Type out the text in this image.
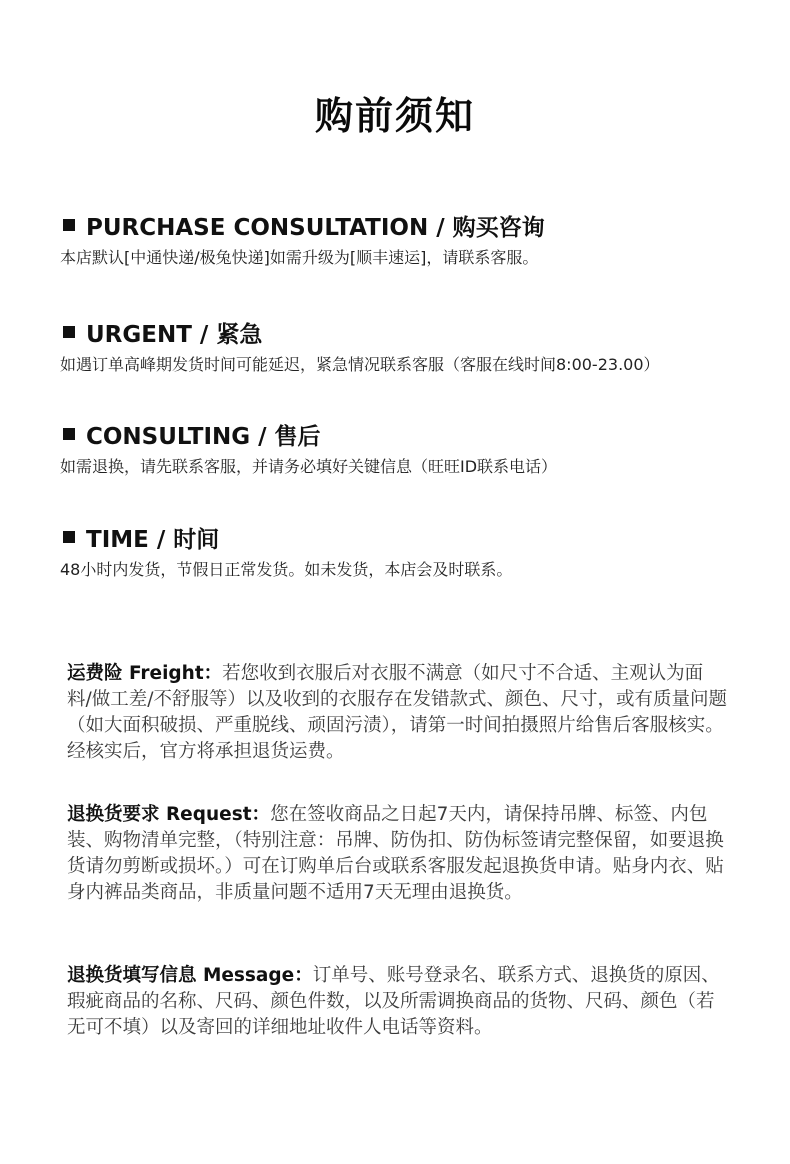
购前须知
PURCHASE CONSULTATION / 购买咨询
本店默认[中通快递/极兔快递]如需升级为[顺丰速运]，请联系客服。
URGENT / 紧急
如遇订单高峰期发货时间可能延迟，紧急情况联系客服（客服在线时间8:00-23.00）
CONSULTING / 售后
如需退换，请先联系客服，并请务必填好关键信息（旺旺ID联系电话）
TIME / 时间
48小时内发货，节假日正常发货。如未发货，本店会及时联系。

运费险 Freight：若您收到衣服后对衣服不满意（如尺寸不合适、主观认为面料/做工差/不舒服等）以及收到的衣服存在发错款式、颜色、尺寸，或有质量问题（如大面积破损、严重脱线、顽固污渍），请第一时间拍摄照片给售后客服核实。经核实后，官方将承担退货运费。

退换货要求 Request：您在签收商品之日起7天内，请保持吊牌、标签、内包装、购物清单完整，（特别注意：吊牌、防伪扣、防伪标签请完整保留，如要退换货请勿剪断或损坏。）可在订购单后台或联系客服发起退换货申请。贴身内衣、贴身内裤品类商品，非质量问题不适用7天无理由退换货。

退换货填写信息 Message：订单号、账号登录名、联系方式、退换货的原因、瑕疵商品的名称、尺码、颜色件数，以及所需调换商品的货物、尺码、颜色（若无可不填）以及寄回的详细地址收件人电话等资料。
